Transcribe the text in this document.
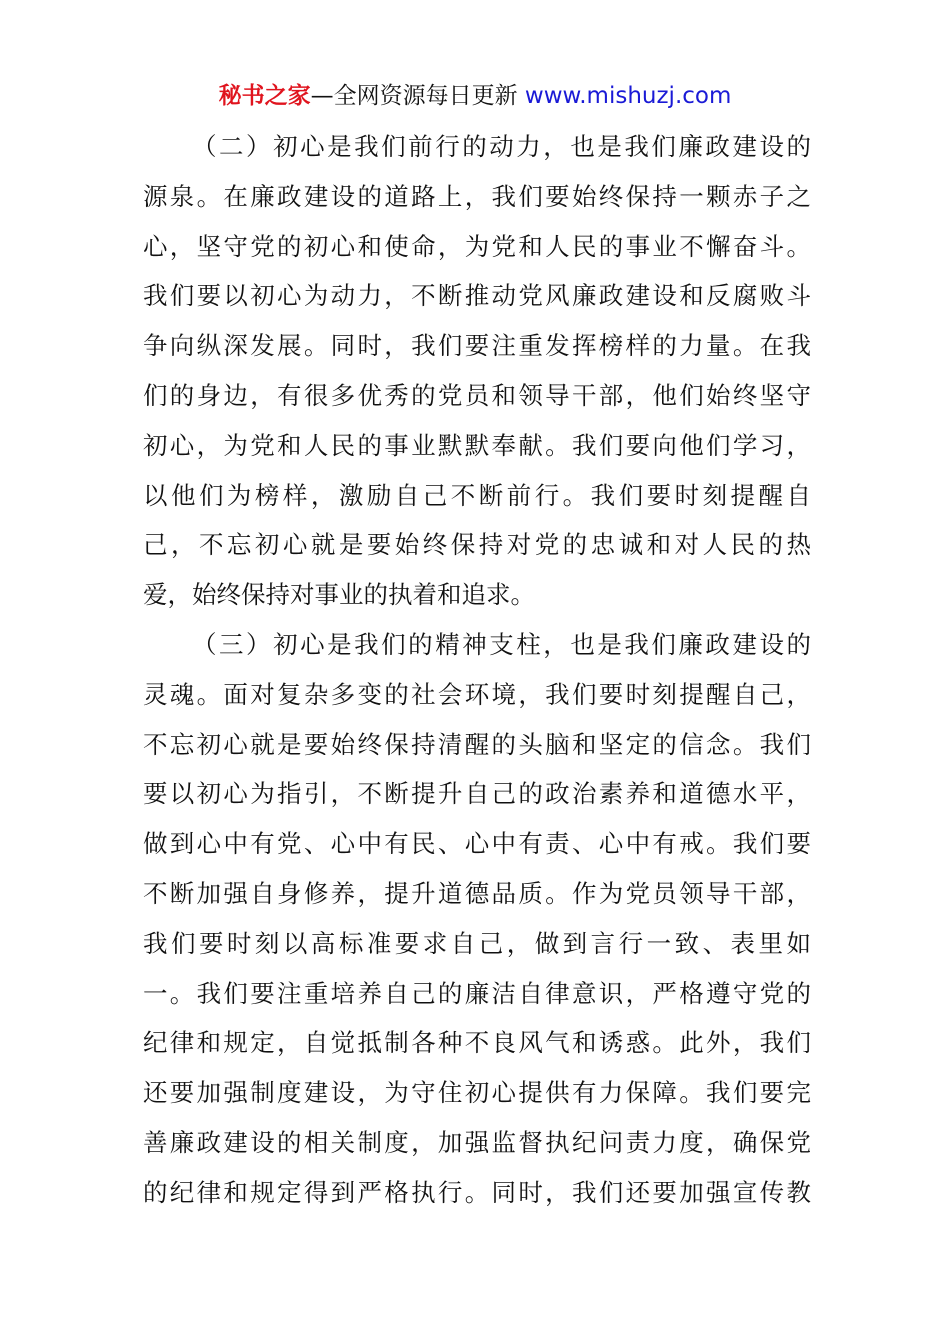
秘书之家—全网资源每日更新 www.mishuzj.com
（二）初心是我们前行的动力，也是我们廉政建设的
源泉。在廉政建设的道路上，我们要始终保持一颗赤子之
心，坚守党的初心和使命，为党和人民的事业不懈奋斗。
我们要以初心为动力，不断推动党风廉政建设和反腐败斗
争向纵深发展。同时，我们要注重发挥榜样的力量。在我
们的身边，有很多优秀的党员和领导干部，他们始终坚守
初心，为党和人民的事业默默奉献。我们要向他们学习，
以他们为榜样，激励自己不断前行。我们要时刻提醒自
己，不忘初心就是要始终保持对党的忠诚和对人民的热
爱，始终保持对事业的执着和追求。
（三）初心是我们的精神支柱，也是我们廉政建设的
灵魂。面对复杂多变的社会环境，我们要时刻提醒自己，
不忘初心就是要始终保持清醒的头脑和坚定的信念。我们
要以初心为指引，不断提升自己的政治素养和道德水平，
做到心中有党、心中有民、心中有责、心中有戒。我们要
不断加强自身修养，提升道德品质。作为党员领导干部，
我们要时刻以高标准要求自己，做到言行一致、表里如
一。我们要注重培养自己的廉洁自律意识，严格遵守党的
纪律和规定，自觉抵制各种不良风气和诱惑。此外，我们
还要加强制度建设，为守住初心提供有力保障。我们要完
善廉政建设的相关制度，加强监督执纪问责力度，确保党
的纪律和规定得到严格执行。同时，我们还要加强宣传教
